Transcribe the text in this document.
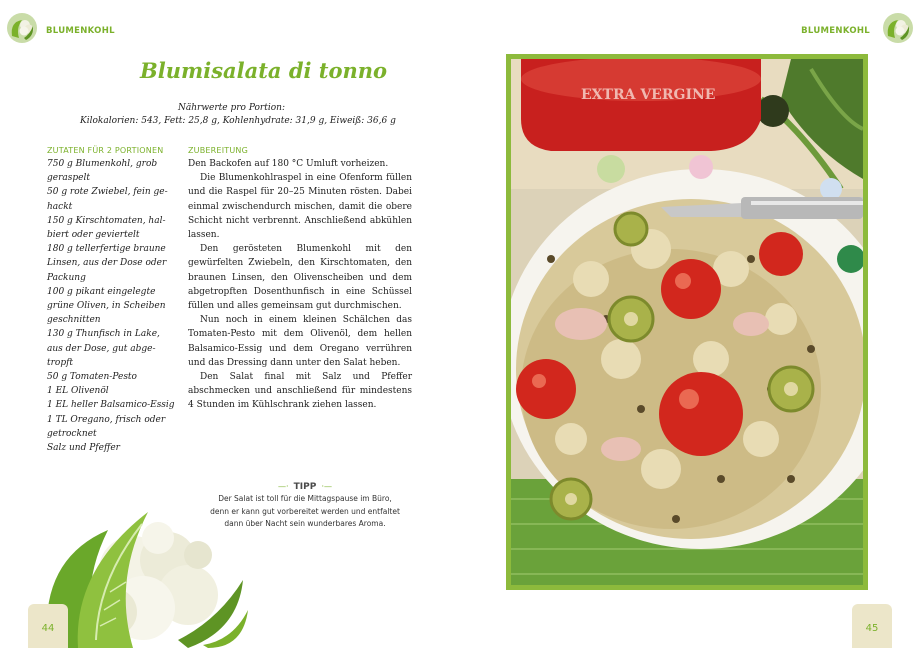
BLUMENKOHL
Blumisalata di tonno
Nährwerte pro Portion:
Kilokalorien: 543, Fett: 25,8 g, Kohlenhydrate: 31,9 g, Eiweiß: 36,6 g
ZUTATEN FÜR 2 PORTIONEN
750 g Blumenkohl, grob
geraspelt
50 g rote Zwiebel, fein ge-
hackt
150 g Kirschtomaten, hal-
biert oder geviertelt
180 g tellerfertige braune
Linsen, aus der Dose oder
Packung
100 g pikant eingelegte
grüne Oliven, in Scheiben
geschnitten
130 g Thunfisch in Lake,
aus der Dose, gut abge-
tropft
50 g Tomaten-Pesto
1 EL Olivenöl
1 EL heller Balsamico-Essig
1 TL Oregano, frisch oder
getrocknet
Salz und Pfeffer
ZUBEREITUNG

Den Backofen auf 180 °C Umluft vorheizen.

Die Blumenkohlraspel in eine Ofenform füllen und die Raspel für 20–25 Minuten rösten. Dabei einmal zwischendurch mischen, damit die obere Schicht nicht verbrennt. Anschließend abkühlen lassen.

Den gerösteten Blumenkohl mit den gewürfelten Zwiebeln, den Kirschtomaten, den braunen Linsen, den Olivenscheiben und dem abgetropften Dosenthunfisch in eine Schüssel füllen und alles gemeinsam gut durchmischen.

Nun noch in einem kleinen Schälchen das Tomaten-Pesto mit dem Olivenöl, dem hellen Balsamico-Essig und dem Oregano verrühren und das Dressing dann unter den Salat heben.

Den Salat final mit Salz und Pfeffer abschmecken und anschließend für mindestens 4 Stunden im Kühlschrank ziehen lassen.

—· TIPP ·—
Der Salat ist toll für die Mittagspause im Büro,
denn er kann gut vorbereitet werden und entfaltet
dann über Nacht sein wunderbares Aroma.
44
BLUMENKOHL
EXTRA VERGINE
45
